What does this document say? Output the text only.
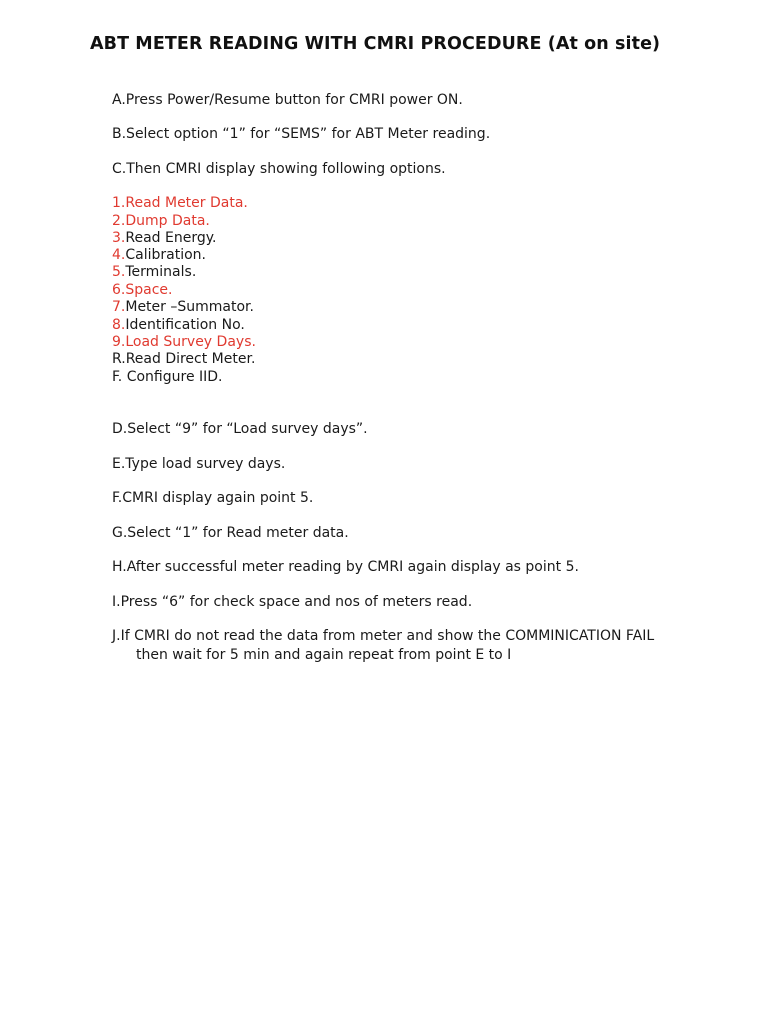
ABT METER READING WITH CMRI PROCEDURE (At on site)

A.Press Power/Resume button for CMRI power ON.

B.Select option “1” for “SEMS” for ABT Meter reading.

C.Then CMRI display showing following options.

1.Read Meter Data.

2.Dump Data.

3.Read Energy.

4.Calibration.

5.Terminals.

6.Space.

7.Meter –Summator.

8.Identification No.

9.Load Survey Days.

R.Read Direct Meter.

F. Configure IID.

D.Select “9” for “Load survey days”.

E.Type load survey days.

F.CMRI display again point 5.

G.Select “1” for Read meter data.

H.After successful meter reading by CMRI again display as point 5.

I.Press “6” for check space and nos of meters read.

J.If CMRI do not read the data from meter and show the COMMINICATION FAIL

then wait for 5 min and again repeat from point E to I
